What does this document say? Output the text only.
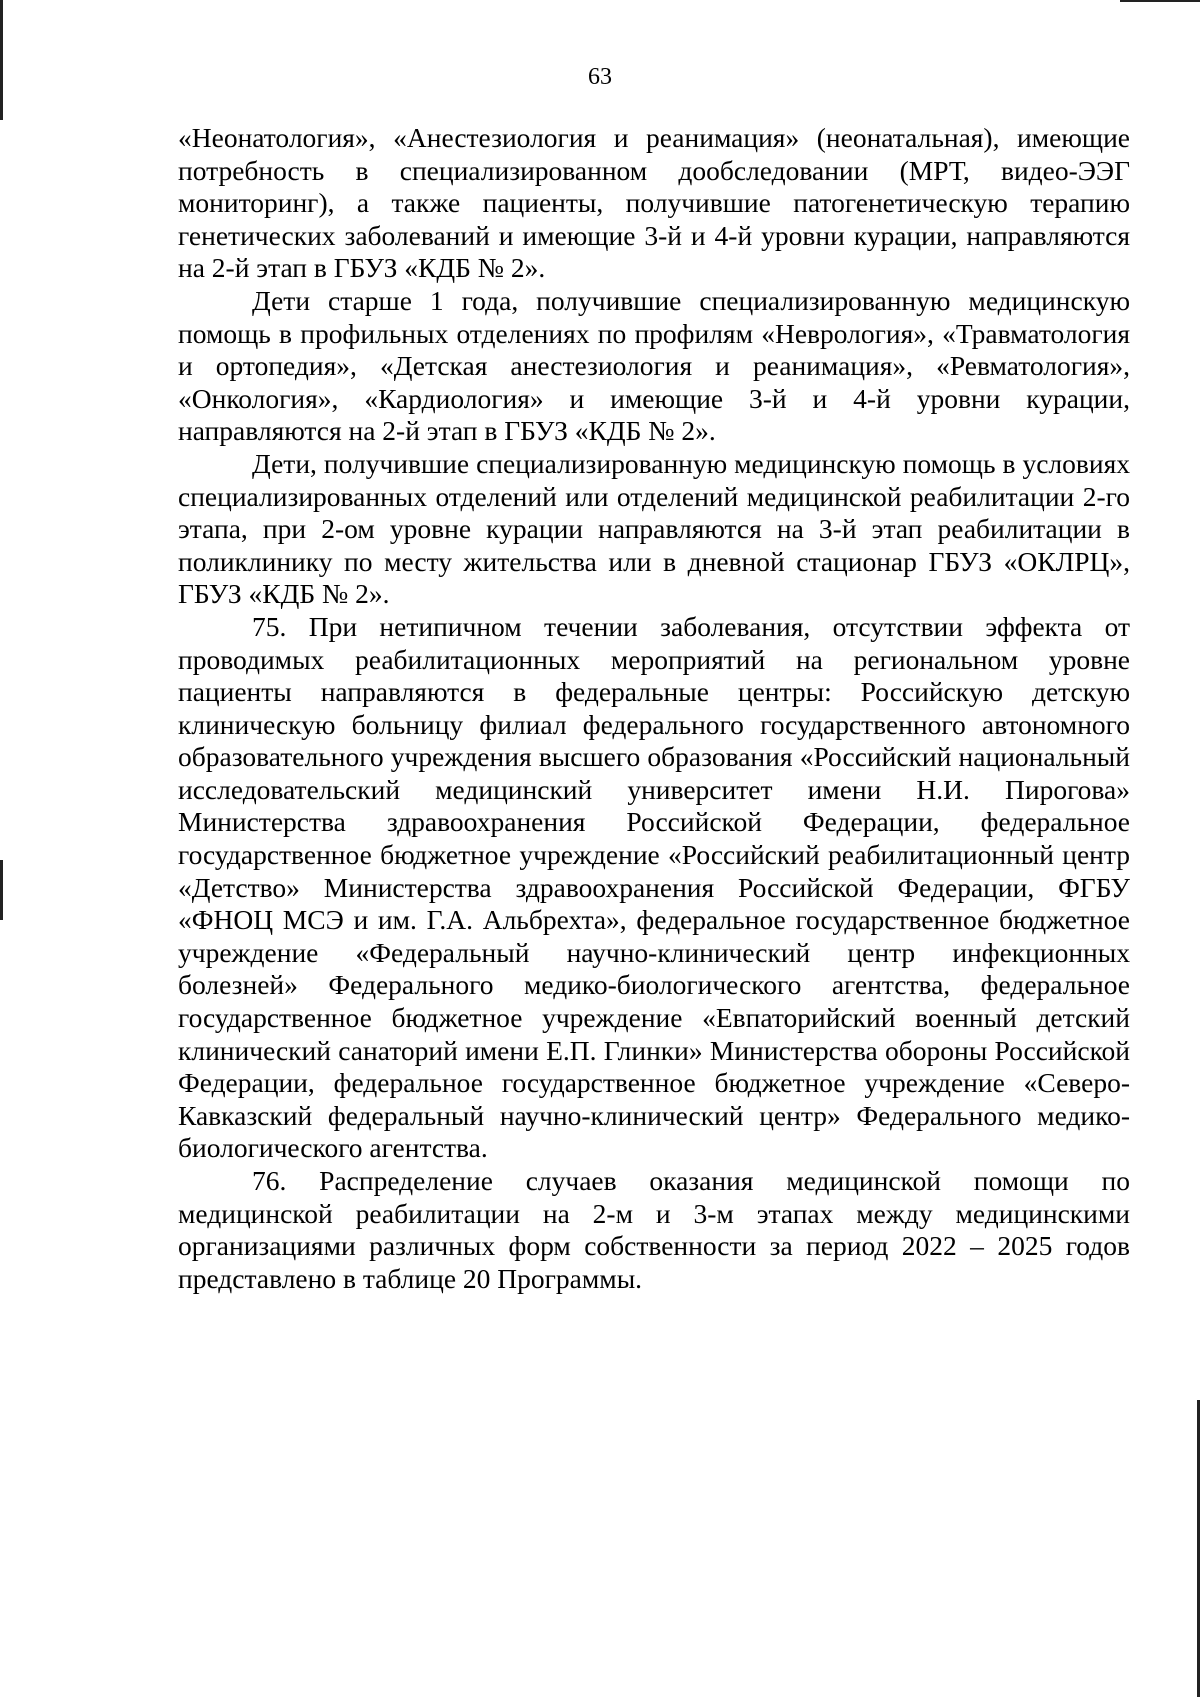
63

«Неонатология», «Анестезиология и реанимация» (неонатальная), имеющие потребность в специализированном дообследовании (МРТ, видео-ЭЭГ мониторинг), а также пациенты, получившие патогенетическую терапию генетических заболеваний и имеющие 3-й и 4-й уровни курации, направляются на 2-й этап в ГБУЗ «КДБ № 2».

Дети старше 1 года, получившие специализированную медицинскую помощь в профильных отделениях по профилям «Неврология», «Травматология и ортопедия», «Детская анестезиология и реанимация», «Ревматология», «Онкология», «Кардиология» и имеющие 3-й и 4-й уровни курации, направляются на 2-й этап в ГБУЗ «КДБ № 2».

Дети, получившие специализированную медицинскую помощь в условиях специализированных отделений или отделений медицинской реабилитации 2-го этапа, при 2-ом уровне курации направляются на 3-й этап реабилитации в поликлинику по месту жительства или в дневной стационар ГБУЗ «ОКЛРЦ», ГБУЗ «КДБ № 2».

75. При нетипичном течении заболевания, отсутствии эффекта от проводимых реабилитационных мероприятий на региональном уровне пациенты направляются в федеральные центры: Российскую детскую клиническую больницу филиал федерального государственного автономного образовательного учреждения высшего образования «Российский национальный исследовательский медицинский университет имени Н.И. Пирогова» Министерства здравоохранения Российской Федерации, федеральное государственное бюджетное учреждение «Российский реабилитационный центр «Детство» Министерства здравоохранения Российской Федерации, ФГБУ «ФНОЦ МСЭ и им. Г.А. Альбрехта», федеральное государственное бюджетное учреждение «Федеральный научно-клинический центр инфекционных болезней» Федерального медико-биологического агентства, федеральное государственное бюджетное учреждение «Евпаторийский военный детский клинический санаторий имени Е.П. Глинки» Министерства обороны Российской Федерации, федеральное государственное бюджетное учреждение «Северо-Кавказский федеральный научно-клинический центр» Федерального медико-биологического агентства.

76. Распределение случаев оказания медицинской помощи по медицинской реабилитации на 2-м и 3-м этапах между медицинскими организациями различных форм собственности за период 2022 – 2025 годов представлено в таблице 20 Программы.
